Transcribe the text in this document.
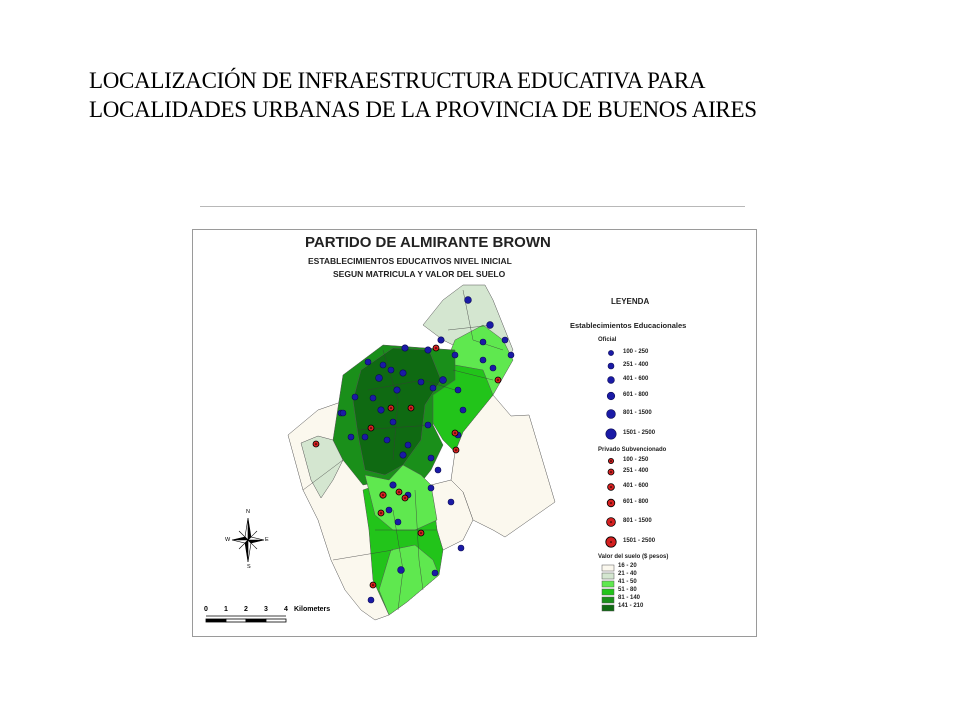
LOCALIZACIÓN DE INFRAESTRUCTURA EDUCATIVA PARA
LOCALIDADES URBANAS DE LA PROVINCIA DE BUENOS AIRES
PARTIDO DE ALMIRANTE BROWN
ESTABLECIMIENTOS EDUCATIVOS NIVEL INICIAL
SEGUN MATRICULA Y VALOR DEL SUELO
LEYENDA
Establecimientos Educacionales
Oficial
100 - 250
251 - 400
401 - 600
601 - 800
801 - 1500
1501 - 2500
Privado Subvencionado
100 - 250
251 - 400
401 - 600
601 - 800
801 - 1500
1501 - 2500
Valor del suelo ($ pesos)
16 - 20
21 - 40
41 - 50
51 - 80
81 - 140
141 - 210
N
S
E
W
0 1 2 3 4 Kilometers
